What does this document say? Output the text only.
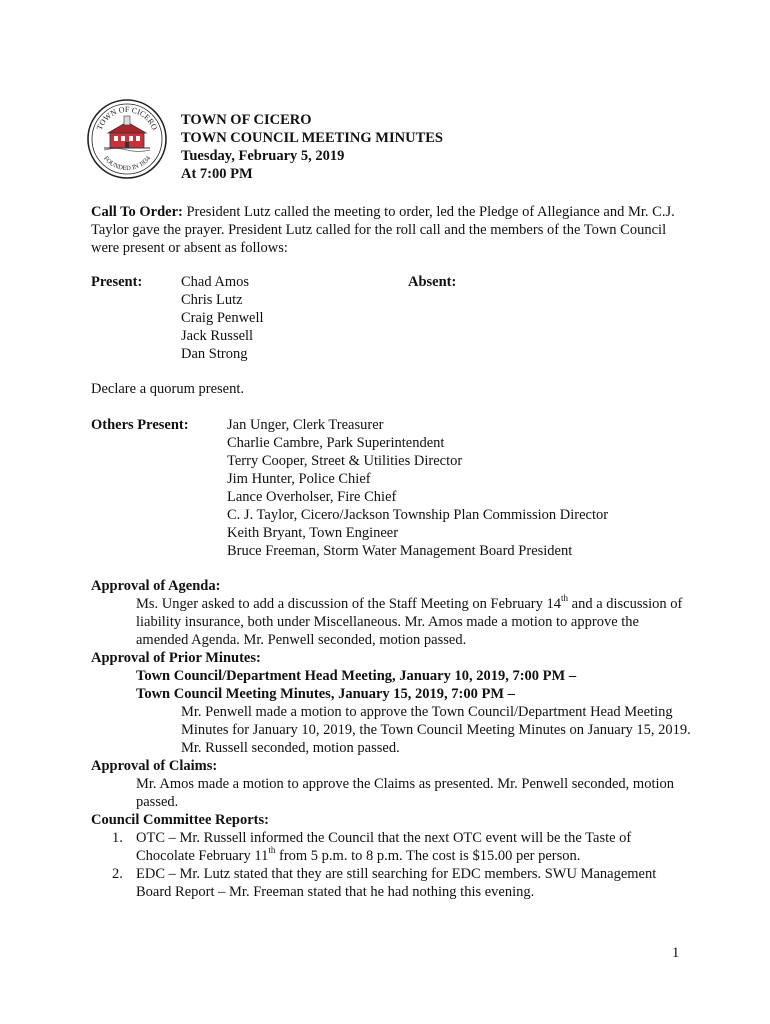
TOWN OF CICERO
FOUNDED IN 1834
TOWN OF CICERO
TOWN COUNCIL MEETING MINUTES
Tuesday, February 5, 2019
At 7:00 PM

Call To Order: President Lutz called the meeting to order, led the Pledge of Allegiance and Mr. C.J. Taylor gave the prayer. President Lutz called for the roll call and the members of the Town Council were present or absent as follows:

Present:	Chad Amos
Chris Lutz
Craig Penwell
Jack Russell
Dan Strong
Absent:
Declare a quorum present.
Others Present:	Jan Unger, Clerk Treasurer
Charlie Cambre, Park Superintendent
Terry Cooper, Street & Utilities Director
Jim Hunter, Police Chief
Lance Overholser, Fire Chief
C. J. Taylor, Cicero/Jackson Township Plan Commission Director
Keith Bryant, Town Engineer
Bruce Freeman, Storm Water Management Board President
Approval of Agenda:

Ms. Unger asked to add a discussion of the Staff Meeting on February 14th and a discussion of liability insurance, both under Miscellaneous. Mr. Amos made a motion to approve the amended Agenda. Mr. Penwell seconded, motion passed.

Approval of Prior Minutes:
Town Council/Department Head Meeting, January 10, 2019, 7:00 PM –
Town Council Meeting Minutes, January 15, 2019, 7:00 PM –

Mr. Penwell made a motion to approve the Town Council/Department Head Meeting Minutes for January 10, 2019, the Town Council Meeting Minutes on January 15, 2019. Mr. Russell seconded, motion passed.

Approval of Claims:

Mr. Amos made a motion to approve the Claims as presented. Mr. Penwell seconded, motion passed.

Council Committee Reports:
1. OTC – Mr. Russell informed the Council that the next OTC event will be the Taste of Chocolate February 11th from 5 p.m. to 8 p.m. The cost is $15.00 per person.
2. EDC – Mr. Lutz stated that they are still searching for EDC members. SWU Management Board Report – Mr. Freeman stated that he had nothing this evening.
1
